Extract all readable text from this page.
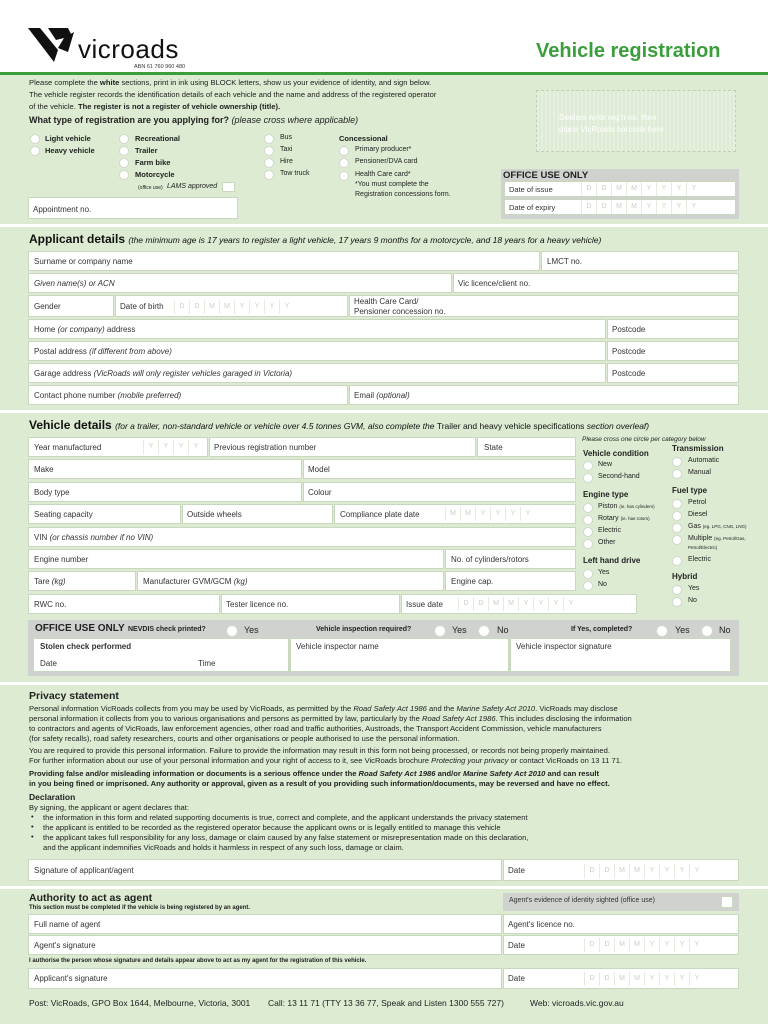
vicroads
ABN 61 760 960 480
Vehicle registration
Please complete the white sections, print in ink using BLOCK letters, show us your evidence of identity, and sign below.
The vehicle register records the identification details of each vehicle and the name and address of the registered operator
of the vehicle. The register is not a register of vehicle ownership (title).
What type of registration are you applying for? (please cross where applicable)	Dealers write reg'n no. then
place VicRoads barcode here
Light vehicle
Heavy vehicle
Recreational
Trailer
Farm bike
Motorcycle
(office use) LAMS approved
Bus
Taxi
Hire
Tow truck
Concessional
Primary producer*
Pensioner/DVA card
Health Care card*
*You must complete the
Registration concessions form.
Appointment no.
OFFICE USE ONLY
Date of issue	D	D	M	M	Y	Y	Y	Y
Date of expiry	D	D	M	M	Y	Y	Y	Y
Applicant details (the minimum age is 17 years to register a light vehicle, 17 years 9 months for a motorcycle, and 18 years for a heavy vehicle)
Surname or company name	LMCT no.
Given name(s) or ACN	Vic licence/client no.
Gender	Date of birth	D	D	M	M	Y	Y	Y	Y
Health Care Card/
Pensioner concession no.
Home (or company) address	Postcode
Postal address (if different from above)	Postcode
Garage address (VicRoads will only register vehicles garaged in Victoria)	Postcode
Contact phone number (mobile preferred)	Email (optional)
Vehicle details (for a trailer, non-standard vehicle or vehicle over 4.5 tonnes GVM, also complete the Trailer and heavy vehicle specifications section overleaf)
Year manufactured	Y	Y	Y	Y	Previous registration number	State
Make	Model
Body type	Colour
Seating capacity	Outside wheels	Compliance plate date	M	M	Y	Y	Y	Y
VIN (or chassis number if no VIN)
Engine number	No. of cylinders/rotors
Tare (kg)	Manufacturer GVM/GCM (kg)	Engine cap.
RWC no.	Tester licence no.	Issue date	D	D	M	M	Y	Y	Y	Y
Please cross one circle per category below
Vehicle condition
New
Second-hand
Transmission
Automatic
Manual
Engine type
Piston (ie. has cylinders)
Rotary (ie. has rotors)
Electric
Other
Fuel type
Petrol
Diesel
Gas (eg. LPG, CNG, LNG)
Multiple (eg. Petrol/Gas,
Petrol/Electric)
Electric
Left hand drive
Yes
No
Hybrid
Yes
No
OFFICE USE ONLY NEVDIS check printed?	Yes	Vehicle inspection required?	Yes	No	If Yes, completed?	Yes	No
Stolen check performed
Date	Time
Vehicle inspector name	Vehicle inspector signature
Privacy statement
Personal information VicRoads collects from you may be used by VicRoads, as permitted by the Road Safety Act 1986 and the Marine Safety Act 2010. VicRoads may disclose
personal information it collects from you to various organisations and persons as permitted by law, particularly by the Road Safety Act 1986. This includes disclosing the information
to contractors and agents of VicRoads, law enforcement agencies, other road and traffic authorities, Austroads, the Transport Accident Commission, vehicle manufacturers
(for safety recalls), road safety researchers, courts and other organisations or people authorised to use the personal information.
You are required to provide this personal information. Failure to provide the information may result in this form not being processed, or records not being properly maintained.
For further information about our use of your personal information and your right of access to it, see VicRoads brochure Protecting your privacy or contact VicRoads on 13 11 71.
Providing false and/or misleading information or documents is a serious offence under the Road Safety Act 1986 and/or Marine Safety Act 2010 and can result
in you being fined or imprisoned. Any authority or approval, given as a result of you providing such information/documents, may be reversed and have no effect.
Declaration
By signing, the applicant or agent declares that:
• the information in this form and related supporting documents is true, correct and complete, and the applicant understands the privacy statement
• the applicant is entitled to be recorded as the registered operator because the applicant owns or is legally entitled to manage this vehicle
• the applicant takes full responsibility for any loss, damage or claim caused by any false statement or misrepresentation made on this declaration,
and the applicant indemnifies VicRoads and holds it harmless in respect of any such loss, damage or claim.
Signature of applicant/agent	Date	D	D	M	M	Y	Y	Y	Y
Authority to act as agent
This section must be completed if the vehicle is being registered by an agent.
Agent's evidence of identity sighted (office use)
Full name of agent	Agent's licence no.
Agent's signature	Date	D	D	M	M	Y	Y	Y	Y
I authorise the person whose signature and details appear above to act as my agent for the registration of this vehicle.
Applicant's signature	Date	D	D	M	M	Y	Y	Y	Y
Post: VicRoads, GPO Box 1644, Melbourne, Victoria, 3001 Call: 13 11 71 (TTY 13 36 77, Speak and Listen 1300 555 727)	Web: vicroads.vic.gov.au
